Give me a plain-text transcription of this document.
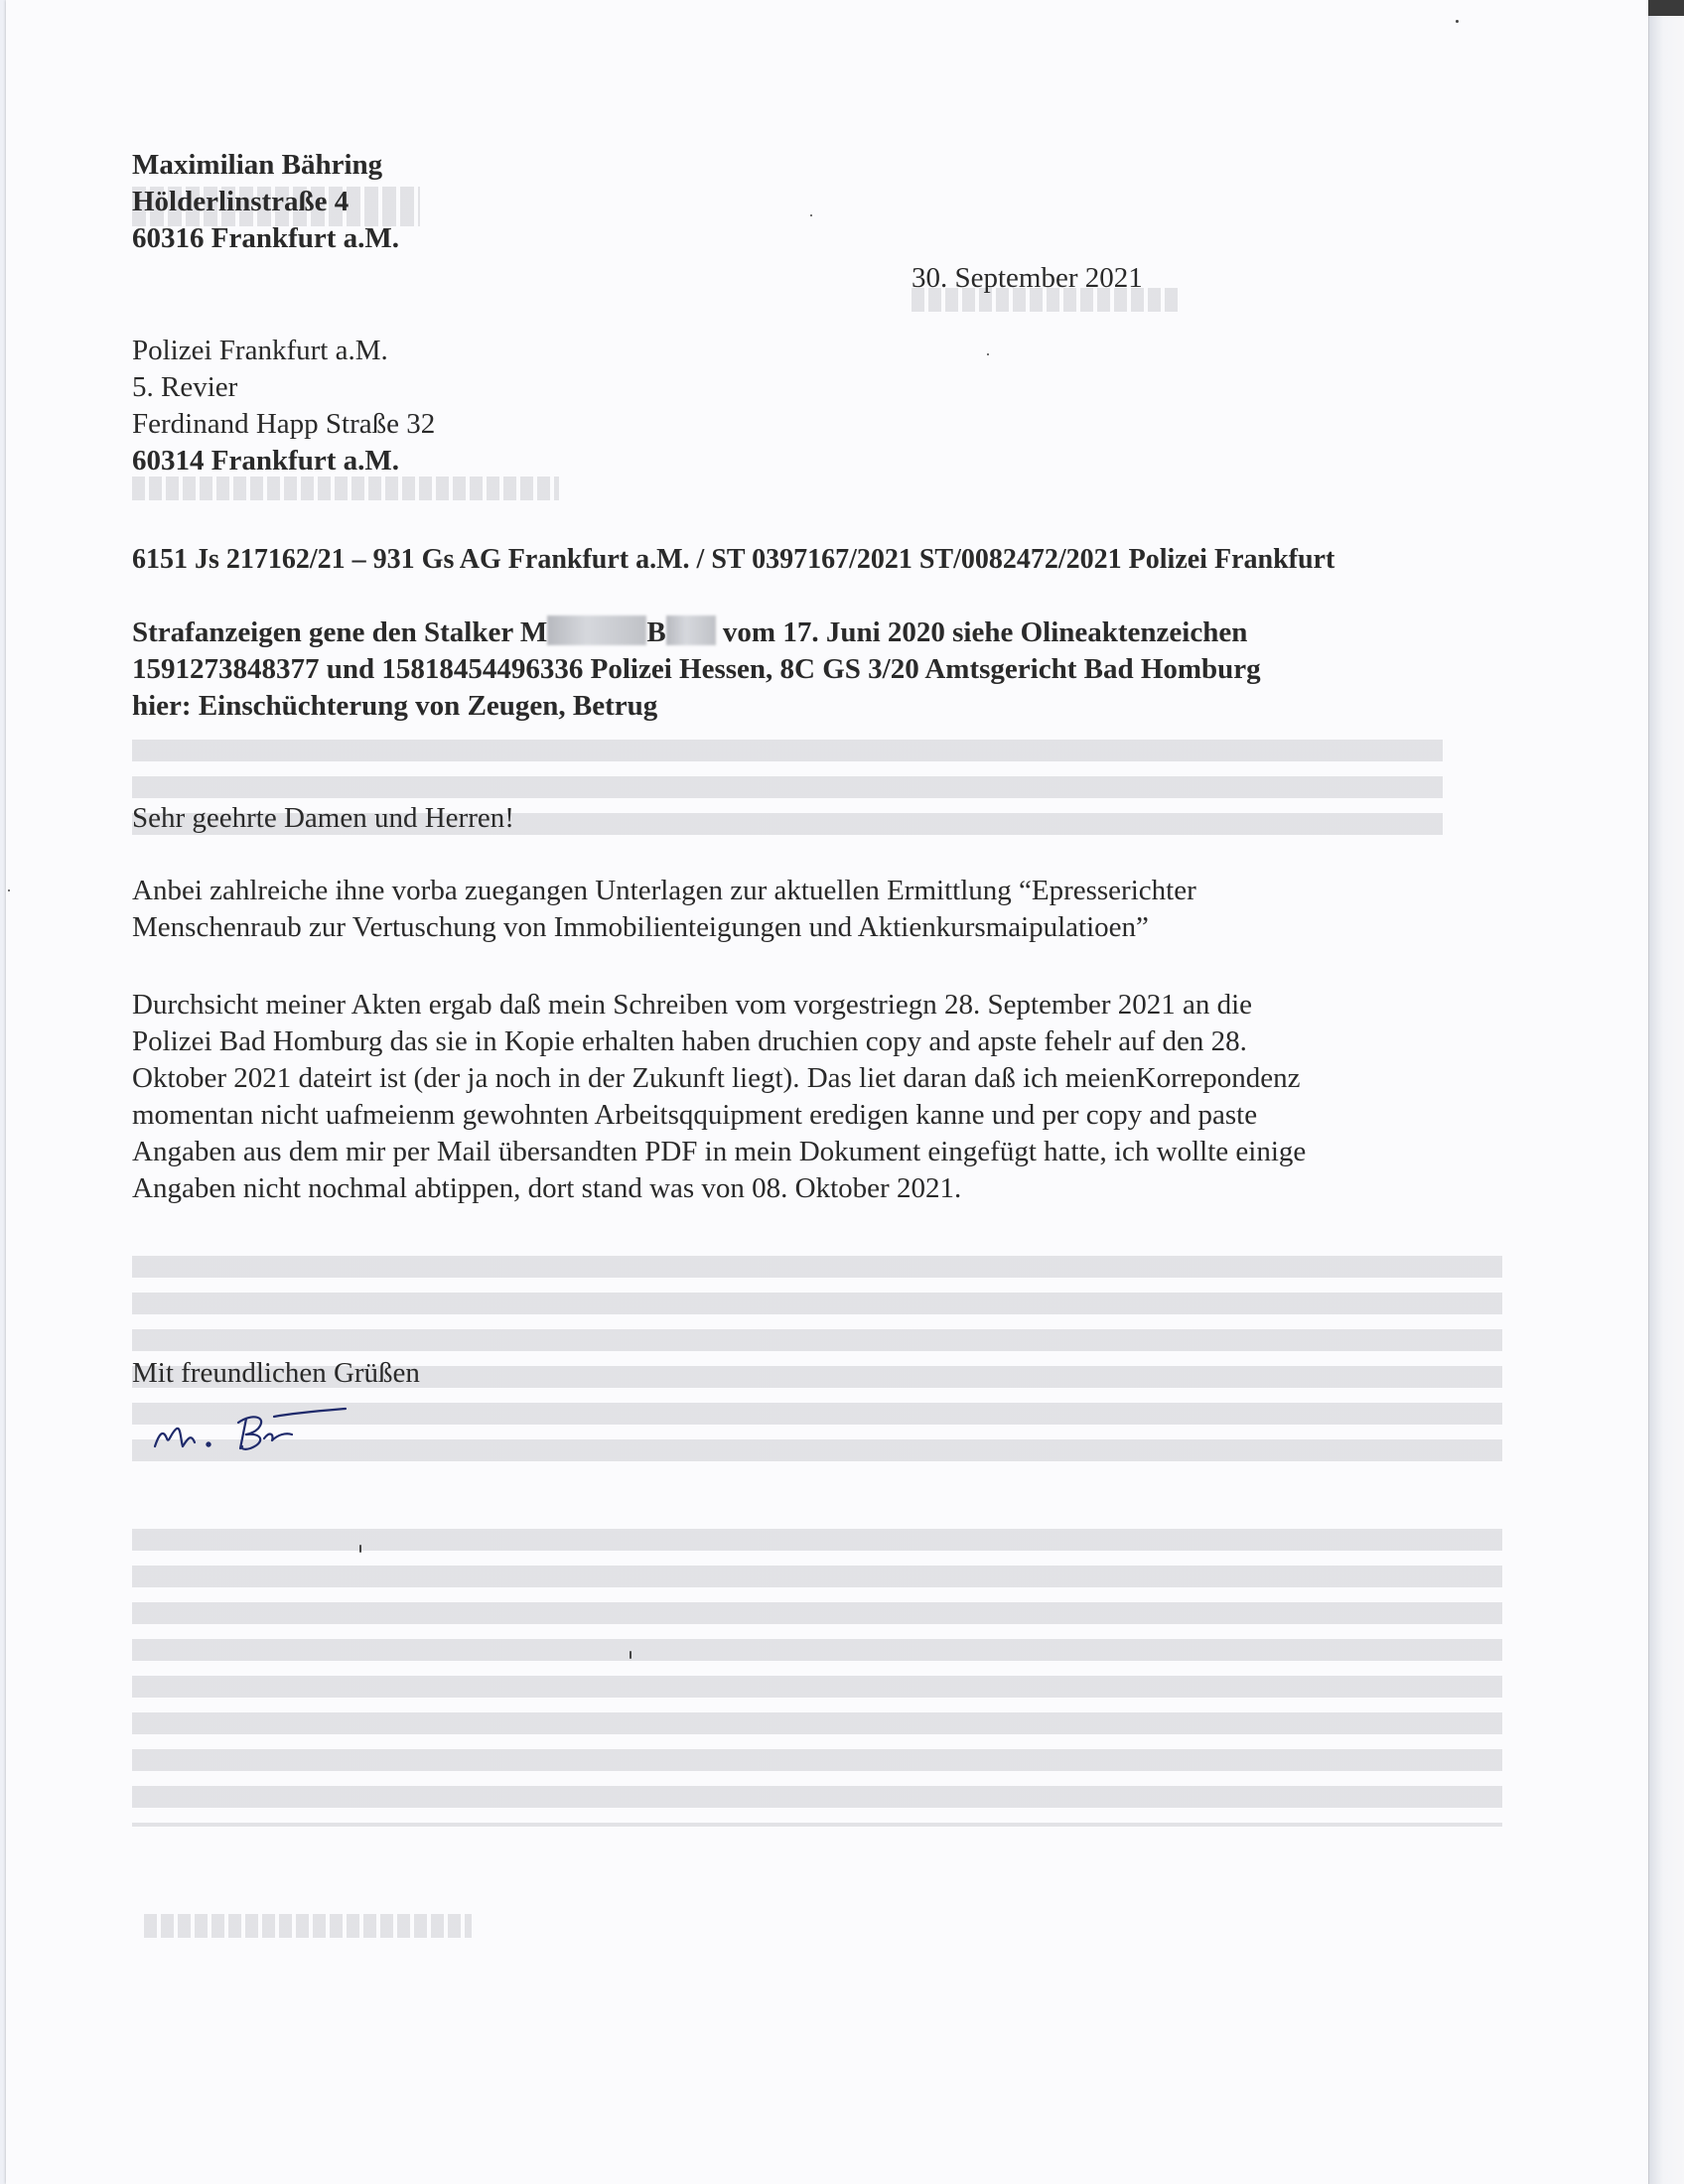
Maximilian Bähring
Hölderlinstraße 4
60316 Frankfurt a.M.
30. September 2021
Polizei Frankfurt a.M.
5. Revier
Ferdinand Happ Straße 32
60314 Frankfurt a.M.
6151 Js 217162/21 – 931 Gs AG Frankfurt a.M. / ST 0397167/2021 ST/0082472/2021 Polizei Frankfurt
Strafanzeigen gene den Stalker M	B vom 17. Juni 2020 siehe Olineaktenzeichen
1591273848377 und 15818454496336 Polizei Hessen, 8C GS 3/20 Amtsgericht Bad Homburg
hier: Einschüchterung von Zeugen, Betrug
Sehr geehrte Damen und Herren!
Anbei zahlreiche ihne vorba zuegangen Unterlagen zur aktuellen Ermittlung “Epresserichter
Menschenraub zur Vertuschung von Immobilienteigungen und Aktienkursmaipulatioen”
Durchsicht meiner Akten ergab daß mein Schreiben vom vorgestriegn 28. September 2021 an die
Polizei Bad Homburg das sie in Kopie erhalten haben druchien copy and apste fehelr auf den 28.
Oktober 2021 dateirt ist (der ja noch in der Zukunft liegt). Das liet daran daß ich meienKorrepondenz
momentan nicht uafmeienm gewohnten Arbeitsqquipment eredigen kanne und per copy and paste
Angaben aus dem mir per Mail übersandten PDF in mein Dokument eingefügt hatte, ich wollte einige
Angaben nicht nochmal abtippen, dort stand was von 08. Oktober 2021.
Mit freundlichen Grüßen
